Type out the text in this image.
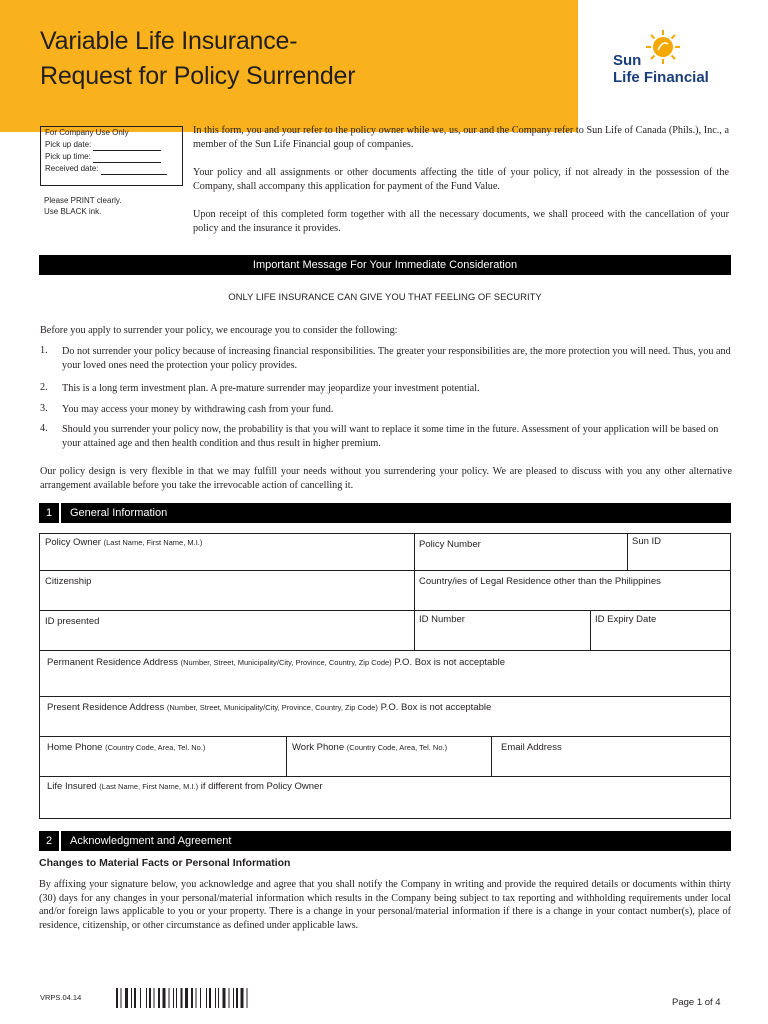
Variable Life Insurance-
Request for Policy Surrender
Sun
Life Financial
For Company Use Only
Pick up date:
Pick up time:
Received date:
Please PRINT clearly.
Use BLACK ink.
In this form, you and your refer to the policy owner while we, us, our and the Company refer to Sun Life of Canada (Phils.), Inc., a member of the Sun Life Financial goup of companies.
Your policy and all assignments or other documents affecting the title of your policy, if not already in the possession of the Company, shall accompany this application for payment of the Fund Value.
Upon receipt of this completed form together with all the necessary documents, we shall proceed with the cancellation of your policy and the insurance it provides.
Important Message For Your Immediate Consideration
ONLY LIFE INSURANCE CAN GIVE YOU THAT FEELING OF SECURITY
Before you apply to surrender your policy, we encourage you to consider the following:
1. Do not surrender your policy because of increasing financial responsibilities. The greater your responsibilities are, the more protection you will need. Thus, you and your loved ones need the protection your policy provides.
2. This is a long term investment plan. A pre-mature surrender may jeopardize your investment potential.
3. You may access your money by withdrawing cash from your fund.
4. Should you surrender your policy now, the probability is that you will want to replace it some time in the future. Assessment of your application will be based on your attained age and then health condition and thus result in higher premium.
Our policy design is very flexible in that we may fulfill your needs without you surrendering your policy. We are pleased to discuss with you any other alternative arrangement available before you take the irrevocable action of cancelling it.
1	General Information
Policy Owner (Last Name, First Name, M.I.)	Policy Number	Sun ID
Citizenship	Country/ies of Legal Residence other than the Philippines
ID presented	ID Number	ID Expiry Date
Permanent Residence Address (Number, Street, Municipality/City, Province, Country, Zip Code) P.O. Box is not acceptable
Present Residence Address (Number, Street, Municipality/City, Province, Country, Zip Code) P.O. Box is not acceptable
Home Phone (Country Code, Area, Tel. No.)	Work Phone (Country Code, Area, Tel. No.)	Email Address
Life Insured (Last Name, First Name, M.I.) if different from Policy Owner
2	Acknowledgment and Agreement
Changes to Material Facts or Personal Information
By affixing your signature below, you acknowledge and agree that you shall notify the Company in writing and provide the required details or documents within thirty (30) days for any changes in your personal/material information which results in the Company being subject to tax reporting and withholding requirements under local and/or foreign laws applicable to you or your property. There is a change in your personal/material information if there is a change in your contact number(s), place of residence, citizenship, or other circumstance as defined under applicable laws.
VRPS.04.14	Page 1 of 4
